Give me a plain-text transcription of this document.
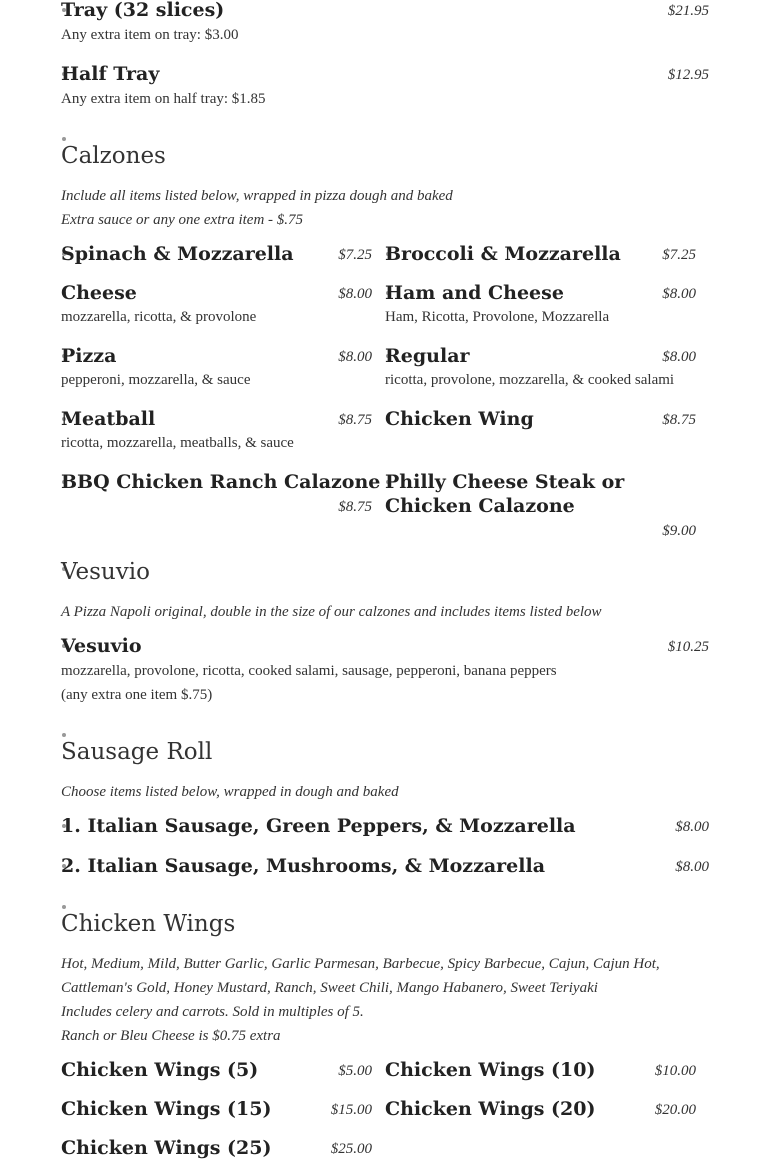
Tray (32 slices)	$21.95
Any extra item on tray: $3.00
Half Tray	$12.95
Any extra item on half tray: $1.85
Calzones
Include all items listed below, wrapped in pizza dough and baked
Extra sauce or any one extra item - $.75
Spinach & Mozzarella	$7.25 Broccoli & Mozzarella	$7.25
Cheese	$8.00
mozzarella, ricotta, & provolone
Ham and Cheese	$8.00
Ham, Ricotta, Provolone, Mozzarella
Pizza	$8.00
pepperoni, mozzarella, & sauce
Regular	$8.00
ricotta, provolone, mozzarella, & cooked salami
Meatball	$8.75
ricotta, mozzarella, meatballs, & sauce
Chicken Wing	$8.75
BBQ Chicken Ranch Calazone
$8.75
Philly Cheese Steak or Chicken Calazone
$9.00
Vesuvio
A Pizza Napoli original, double in the size of our calzones and includes items listed below
Vesuvio	$10.25
mozzarella, provolone, ricotta, cooked salami, sausage, pepperoni, banana peppers
(any extra one item $.75)
Sausage Roll
Choose items listed below, wrapped in dough and baked
1. Italian Sausage, Green Peppers, & Mozzarella	$8.00
2. Italian Sausage, Mushrooms, & Mozzarella	$8.00
Chicken Wings
Hot, Medium, Mild, Butter Garlic, Garlic Parmesan, Barbecue, Spicy Barbecue, Cajun, Cajun Hot,
Cattleman's Gold, Honey Mustard, Ranch, Sweet Chili, Mango Habanero, Sweet Teriyaki
Includes celery and carrots. Sold in multiples of 5.
Ranch or Bleu Cheese is $0.75 extra
Chicken Wings (5)	$5.00 Chicken Wings (10)	$10.00
Chicken Wings (15)	$15.00 Chicken Wings (20)	$20.00
Chicken Wings (25)	$25.00
